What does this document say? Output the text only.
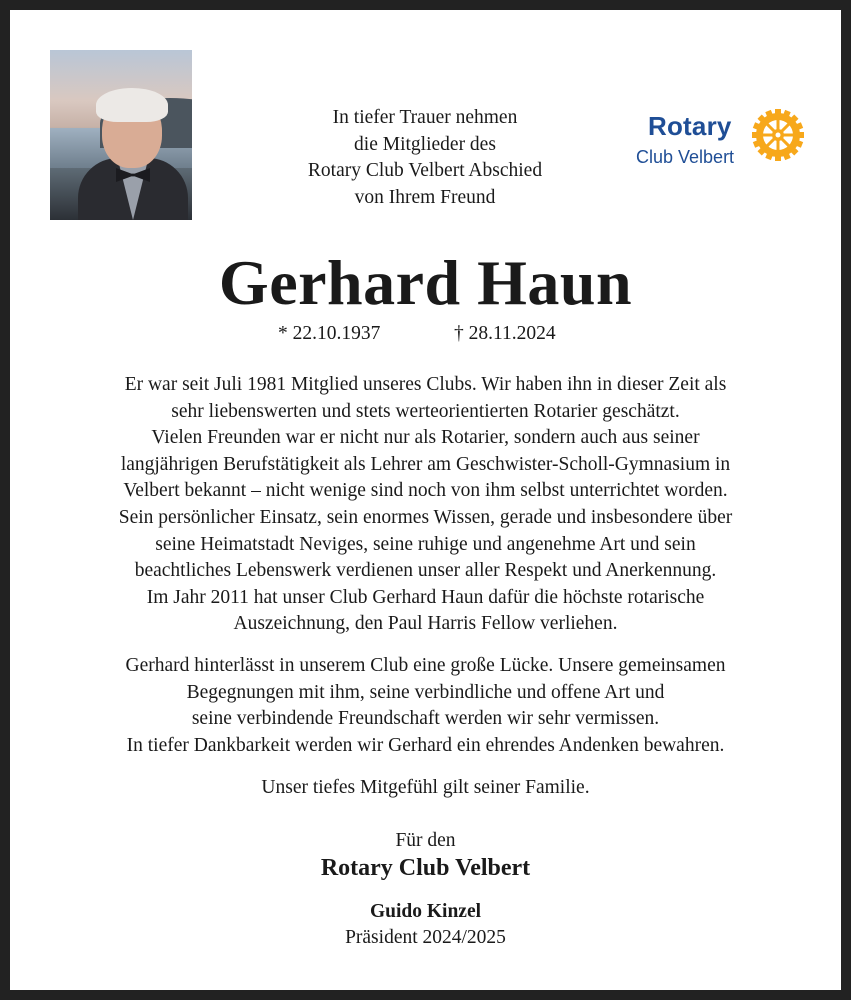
In tiefer Trauer nehmen
die Mitglieder des
Rotary Club Velbert Abschied
von Ihrem Freund
Rotary
Club Velbert
Gerhard Haun
* 22.10.1937	† 28.11.2024
Er war seit Juli 1981 Mitglied unseres Clubs. Wir haben ihn in dieser Zeit als
sehr liebenswerten und stets werteorientierten Rotarier geschätzt.
Vielen Freunden war er nicht nur als Rotarier, sondern auch aus seiner
langjährigen Berufstätigkeit als Lehrer am Geschwister-Scholl-Gymnasium in
Velbert bekannt – nicht wenige sind noch von ihm selbst unterrichtet worden.
Sein persönlicher Einsatz, sein enormes Wissen, gerade und insbesondere über
seine Heimatstadt Neviges, seine ruhige und angenehme Art und sein
beachtliches Lebenswerk verdienen unser aller Respekt und Anerkennung.
Im Jahr 2011 hat unser Club Gerhard Haun dafür die höchste rotarische
Auszeichnung, den Paul Harris Fellow verliehen.
Gerhard hinterlässt in unserem Club eine große Lücke. Unsere gemeinsamen
Begegnungen mit ihm, seine verbindliche und offene Art und
seine verbindende Freundschaft werden wir sehr vermissen.
In tiefer Dankbarkeit werden wir Gerhard ein ehrendes Andenken bewahren.
Unser tiefes Mitgefühl gilt seiner Familie.
Für den
Rotary Club Velbert
Guido Kinzel
Präsident 2024/2025
